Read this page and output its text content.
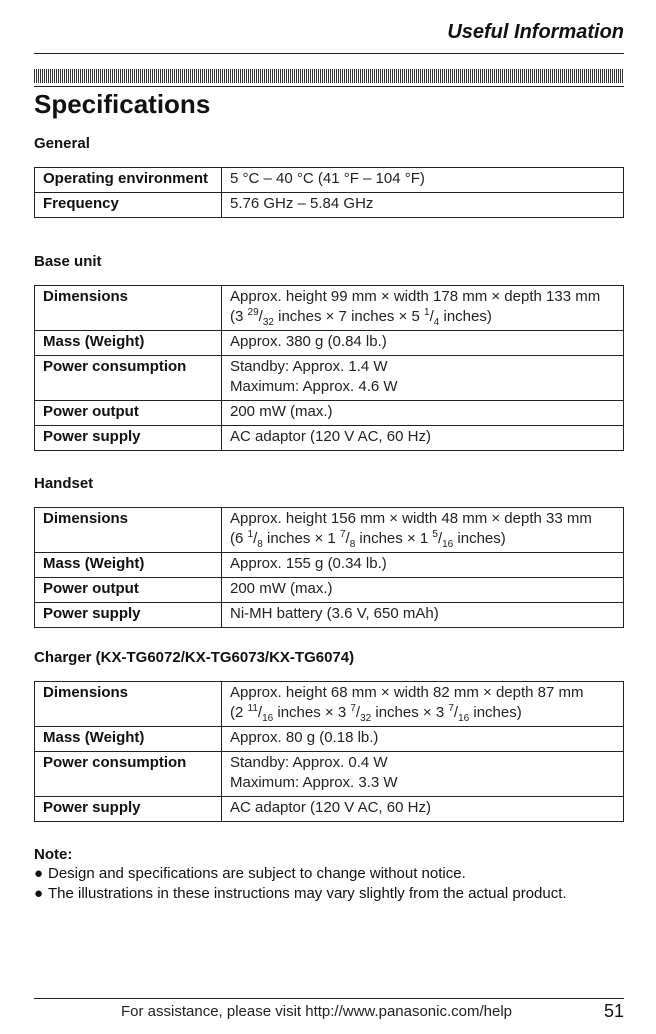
Useful Information
Specifications
General
Operating environment	5 °C – 40 °C (41 °F – 104 °F)
Frequency	5.76 GHz – 5.84 GHz
Base unit
Dimensions	Approx. height 99 mm × width 178 mm × depth 133 mm
(3 $^{29}/_{32}$ inches × 7 inches × 5 $^1/_4$ inches)

Mass (Weight)	Approx. 380 g (0.84 lb.)
Power consumption	Standby: Approx. 1.4 W
Maximum: Approx. 4.6 W

Power output	200 mW (max.)
Power supply	AC adaptor (120 V AC, 60 Hz)
Handset
Dimensions	Approx. height 156 mm × width 48 mm × depth 33 mm
(6 $^1/_8$ inches × 1 $^7/_8$ inches × 1 $^5/_{16}$ inches)

Mass (Weight)	Approx. 155 g (0.34 lb.)
Power output	200 mW (max.)
Power supply	Ni-MH battery (3.6 V, 650 mAh)
Charger (KX-TG6072/KX-TG6073/KX-TG6074)
Dimensions	Approx. height 68 mm × width 82 mm × depth 87 mm
(2 $^{11}/_{16}$ inches × 3 $^7/_{32}$ inches × 3 $^7/_{16}$ inches)

Mass (Weight)	Approx. 80 g (0.18 lb.)
Power consumption	Standby: Approx. 0.4 W
Maximum: Approx. 3.3 W

Power supply	AC adaptor (120 V AC, 60 Hz)
Note:
● Design and specifications are subject to change without notice.
● The illustrations in these instructions may vary slightly from the actual product.
For assistance, please visit http://www.panasonic.com/help	51
